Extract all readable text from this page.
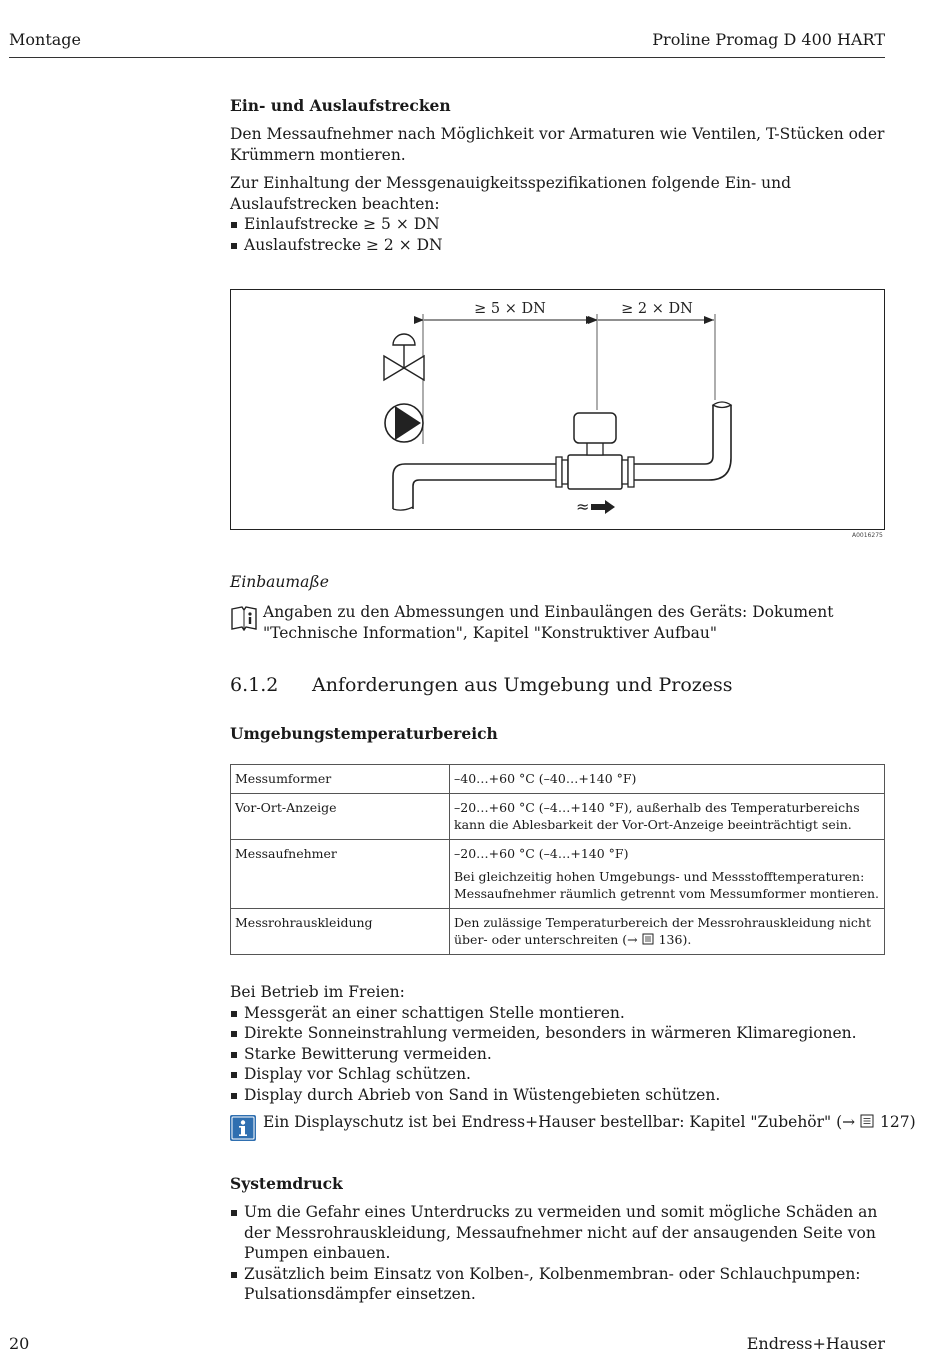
Montage	Proline Promag D 400 HART

Ein- und Auslaufstrecken

Den Messaufnehmer nach Möglichkeit vor Armaturen wie Ventilen, T-Stücken oder Krümmern montieren.

Zur Einhaltung der Messgenauigkeitsspezifikationen folgende Ein- und Auslaufstrecken beachten:

Einlaufstrecke ≥ 5 × DN
Auslaufstrecke ≥ 2 × DN
≥ 5 × DN	≥ 2 × DN
≈
A0016275
Einbaumaße
Angaben zu den Abmessungen und Einbaulängen des Geräts: Dokument "Technische Information", Kapitel "Konstruktiver Aufbau"
6.1.2 Anforderungen aus Umgebung und Prozess

Umgebungstemperaturbereich

Messumformer	–40…+60 °C (–40…+140 °F)
Vor-Ort-Anzeige	–20…+60 °C (–4…+140 °F), außerhalb des Temperaturbereichs kann die Ablesbarkeit der Vor-Ort-Anzeige beeinträchtigt sein.
Messaufnehmer	–20…+60 °C (–4…+140 °F)
Bei gleichzeitig hohen Umgebungs- und Messstofftemperaturen: Messaufnehmer räumlich getrennt vom Messumformer montieren.

Messrohrauskleidung	Den zulässige Temperaturbereich der Messrohrauskleidung nicht über- oder unterschreiten (→  136).

Bei Betrieb im Freien:

Messgerät an einer schattigen Stelle montieren.
Direkte Sonneinstrahlung vermeiden, besonders in wärmeren Klimaregionen.
Starke Bewitterung vermeiden.
Display vor Schlag schützen.
Display durch Abrieb von Sand in Wüstengebieten schützen.
Ein Displayschutz ist bei Endress+Hauser bestellbar: Kapitel "Zubehör" (→  127)

Systemdruck

Um die Gefahr eines Unterdrucks zu vermeiden und somit mögliche Schäden an der Messrohrauskleidung, Messaufnehmer nicht auf der ansaugenden Seite von Pumpen einbauen.
Zusätzlich beim Einsatz von Kolben-, Kolbenmembran- oder Schlauchpumpen: Pulsationsdämpfer einsetzen.
20	Endress+Hauser
